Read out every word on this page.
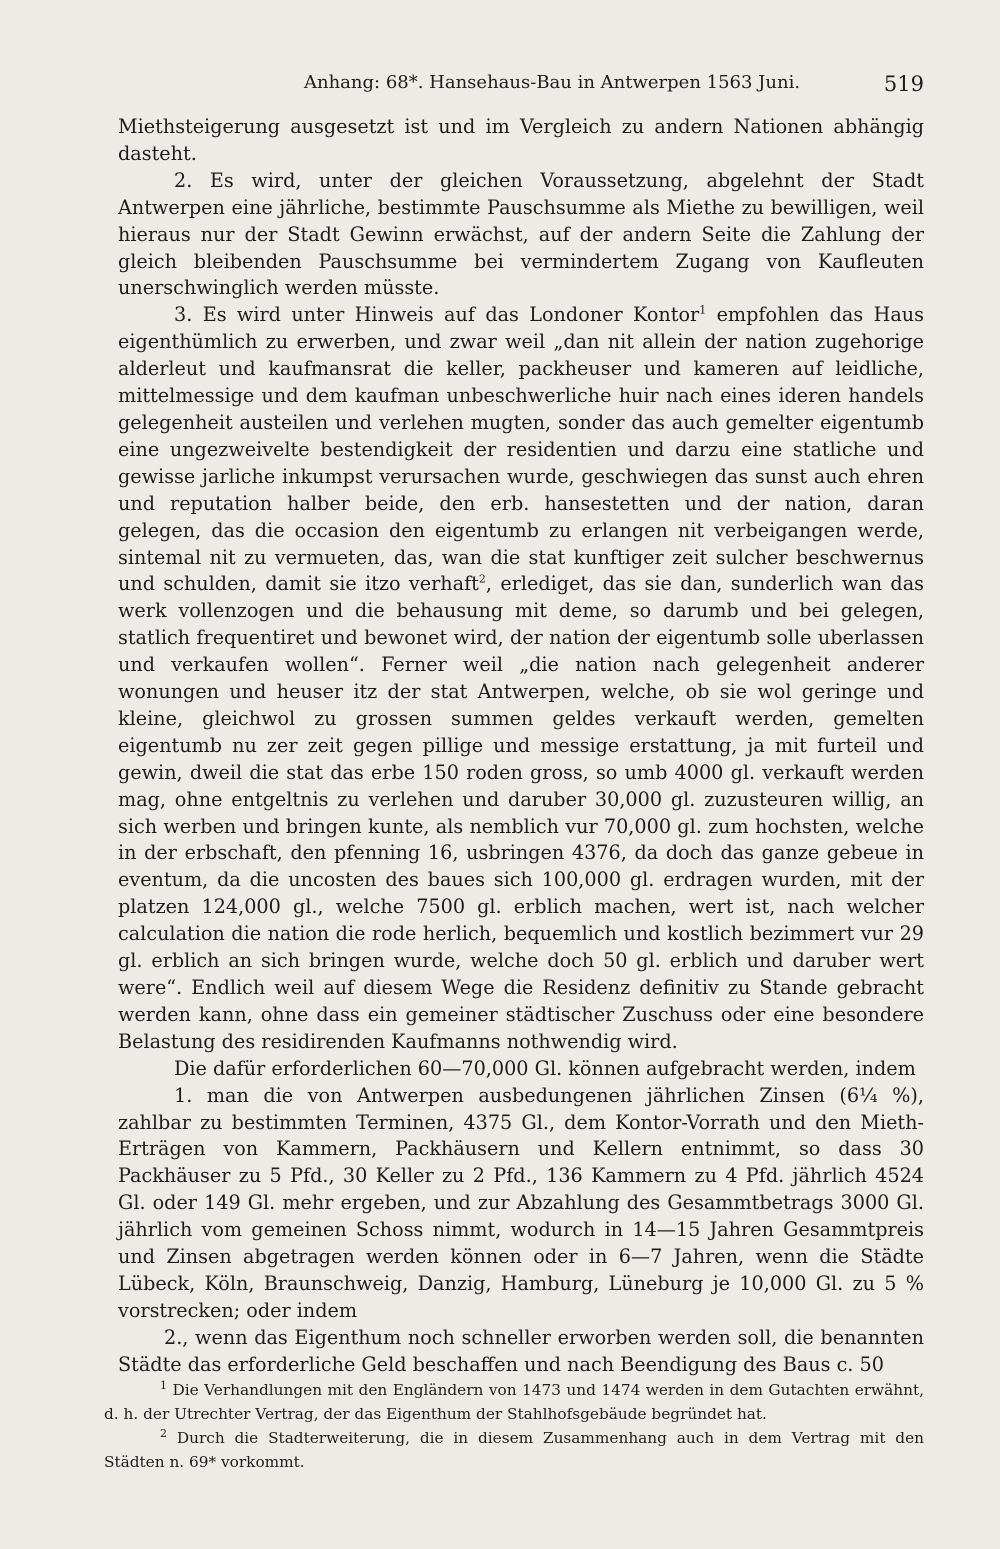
Anhang: 68*. Hansehaus-Bau in Antwerpen 1563 Juni.	519

Miethsteigerung ausgesetzt ist und im Vergleich zu andern Nationen abhängig dasteht.

2. Es wird, unter der gleichen Voraussetzung, abgelehnt der Stadt Antwerpen eine jährliche, bestimmte Pauschsumme als Miethe zu bewilligen, weil hieraus nur der Stadt Gewinn erwächst, auf der andern Seite die Zahlung der gleich bleibenden Pauschsumme bei vermindertem Zugang von Kaufleuten unerschwinglich werden müsste.

3. Es wird unter Hinweis auf das Londoner Kontor$^1$ empfohlen das Haus eigenthümlich zu erwerben, und zwar weil „dan nit allein der nation zugehorige alderleut und kaufmansrat die keller, packheuser und kameren auf leidliche, mittelmessige und dem kaufman unbeschwerliche huir nach eines ideren handels gelegenheit austeilen und verlehen mugten, sonder das auch gemelter eigentumb eine ungezweivelte bestendigkeit der residentien und darzu eine statliche und gewisse jarliche inkumpst verursachen wurde, geschwiegen das sunst auch ehren und reputation halber beide, den erb. hansestetten und der nation, daran gelegen, das die occasion den eigentumb zu erlangen nit verbeigangen werde, sintemal nit zu vermueten, das, wan die stat kunftiger zeit sulcher beschwernus und schulden, damit sie itzo verhaft$^2$, erlediget, das sie dan, sunderlich wan das werk vollenzogen und die behausung mit deme, so darumb und bei gelegen, statlich frequentiret und bewonet wird, der nation der eigentumb solle uberlassen und verkaufen wollen“. Ferner weil „die nation nach gelegenheit anderer wonungen und heuser itz der stat Antwerpen, welche, ob sie wol geringe und kleine, gleichwol zu grossen summen geldes verkauft werden, gemelten eigentumb nu zer zeit gegen pillige und messige erstattung, ja mit furteil und gewin, dweil die stat das erbe 150 roden gross, so umb 4000 gl. verkauft werden mag, ohne entgeltnis zu verlehen und daruber 30,000 gl. zuzusteuren willig, an sich werben und bringen kunte, als nemblich vur 70,000 gl. zum hochsten, welche in der erbschaft, den pfenning 16, usbringen 4376, da doch das ganze gebeue in eventum, da die uncosten des baues sich 100,000 gl. erdragen wurden, mit der platzen 124,000 gl., welche 7500 gl. erblich machen, wert ist, nach welcher calculation die nation die rode herlich, bequemlich und kostlich bezimmert vur 29 gl. erblich an sich bringen wurde, welche doch 50 gl. erblich und daruber wert were“. Endlich weil auf diesem Wege die Residenz definitiv zu Stande gebracht werden kann, ohne dass ein gemeiner städtischer Zuschuss oder eine besondere Belastung des residirenden Kaufmanns nothwendig wird.

Die dafür erforderlichen 60—70,000 Gl. können aufgebracht werden, indem

1. man die von Antwerpen ausbedungenen jährlichen Zinsen (6¼ %), zahlbar zu bestimmten Terminen, 4375 Gl., dem Kontor-Vorrath und den Mieth-Erträgen von Kammern, Packhäusern und Kellern entnimmt, so dass 30 Packhäuser zu 5 Pfd., 30 Keller zu 2 Pfd., 136 Kammern zu 4 Pfd. jährlich 4524 Gl. oder 149 Gl. mehr ergeben, und zur Abzahlung des Gesammtbetrags 3000 Gl. jährlich vom gemeinen Schoss nimmt, wodurch in 14—15 Jahren Gesammtpreis und Zinsen abgetragen werden können oder in 6—7 Jahren, wenn die Städte Lübeck, Köln, Braunschweig, Danzig, Hamburg, Lüneburg je 10,000 Gl. zu 5 % vorstrecken; oder indem

2., wenn das Eigenthum noch schneller erworben werden soll, die benannten Städte das erforderliche Geld beschaffen und nach Beendigung des Baus c. 50

$^1$ Die Verhandlungen mit den Engländern von 1473 und 1474 werden in dem Gutachten erwähnt, d. h. der Utrechter Vertrag, der das Eigenthum der Stahlhofsgebäude begründet hat.

$^2$ Durch die Stadterweiterung, die in diesem Zusammenhang auch in dem Vertrag mit den Städten n. 69* vorkommt.
